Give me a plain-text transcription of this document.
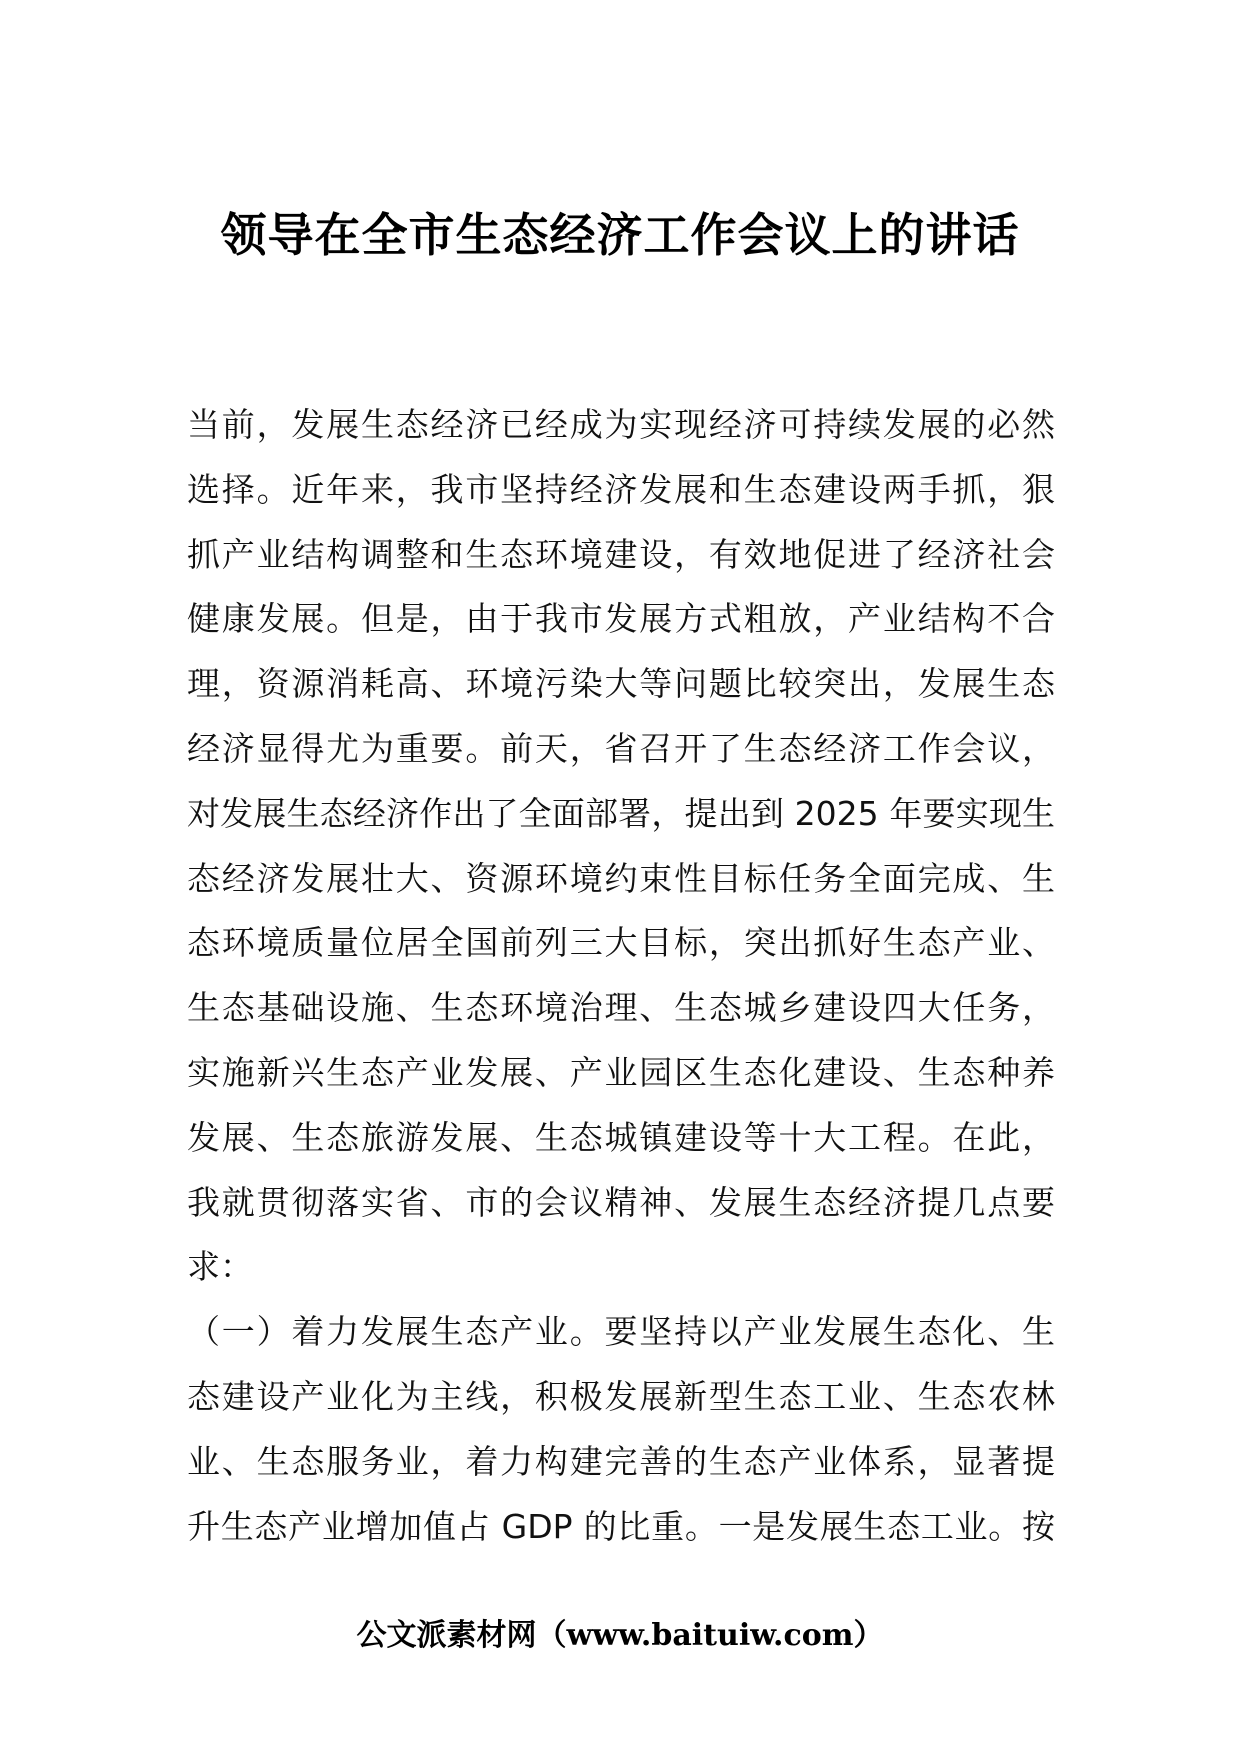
领导在全市生态经济工作会议上的讲话
当前，发展生态经济已经成为实现经济可持续发展的必然
选择。近年来，我市坚持经济发展和生态建设两手抓，狠
抓产业结构调整和生态环境建设，有效地促进了经济社会
健康发展。但是，由于我市发展方式粗放，产业结构不合
理，资源消耗高、环境污染大等问题比较突出，发展生态
经济显得尤为重要。前天，省召开了生态经济工作会议，
对发展生态经济作出了全面部署，提出到 2025 年要实现生
态经济发展壮大、资源环境约束性目标任务全面完成、生
态环境质量位居全国前列三大目标，突出抓好生态产业、
生态基础设施、生态环境治理、生态城乡建设四大任务，
实施新兴生态产业发展、产业园区生态化建设、生态种养
发展、生态旅游发展、生态城镇建设等十大工程。在此，
我就贯彻落实省、市的会议精神、发展生态经济提几点要
求：
（一）着力发展生态产业。要坚持以产业发展生态化、生
态建设产业化为主线，积极发展新型生态工业、生态农林
业、生态服务业，着力构建完善的生态产业体系，显著提
升生态产业增加值占 GDP 的比重。一是发展生态工业。按
公文派素材网（www.baituiw.com）
